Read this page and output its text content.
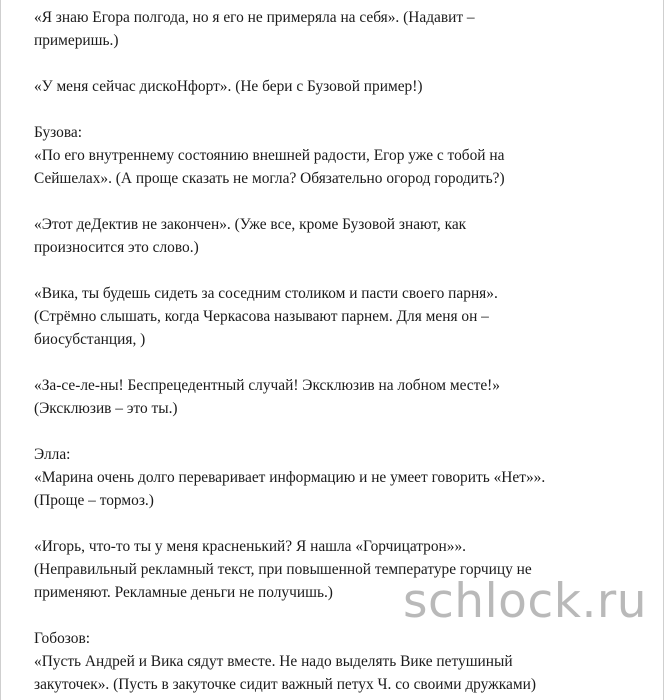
«Я знаю Егора полгода, но я его не примеряла на себя». (Надавит –
примеришь.)

«У меня сейчас дискоНфорт». (Не бери с Бузовой пример!)

Бузова:
«По его внутреннему состоянию внешней радости, Егор уже с тобой на
Сейшелах». (А проще сказать не могла? Обязательно огород городить?)

«Этот деДектив не закончен». (Уже все, кроме Бузовой знают, как
произносится это слово.)

«Вика, ты будешь сидеть за соседним столиком и пасти своего парня».
(Стрёмно слышать, когда Черкасова называют парнем. Для меня он –
биосубстанция, )

«За-се-ле-ны! Беспрецедентный случай! Эксклюзив на лобном месте!»
(Эксклюзив – это ты.)

Элла:
«Марина очень долго переваривает информацию и не умеет говорить «Нет»».
(Проще – тормоз.)

«Игорь, что-то ты у меня красненький? Я нашла «Горчицатрон»».
(Неправильный рекламный текст, при повышенной температуре горчицу не
применяют. Рекламные деньги не получишь.)

Гобозов:
«Пусть Андрей и Вика сядут вместе. Не надо выделять Вике петушиный
закуточек». (Пусть в закуточке сидит важный петух Ч. со своими дружками)

schlock.ru
